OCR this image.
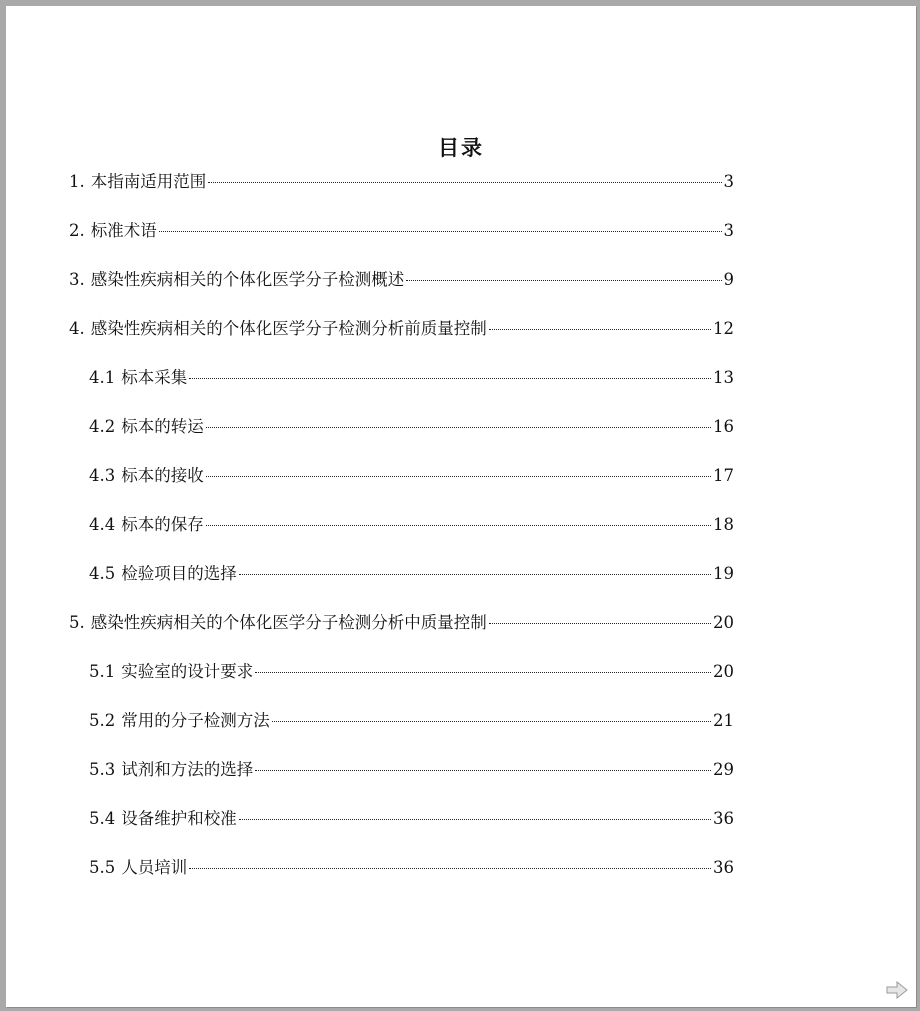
目录
1. 本指南适用范围	3
2. 标准术语	3
3. 感染性疾病相关的个体化医学分子检测概述	9
4. 感染性疾病相关的个体化医学分子检测分析前质量控制	12
4.1 标本采集	13
4.2 标本的转运	16
4.3 标本的接收	17
4.4 标本的保存	18
4.5 检验项目的选择	19
5. 感染性疾病相关的个体化医学分子检测分析中质量控制	20
5.1 实验室的设计要求	20
5.2 常用的分子检测方法	21
5.3 试剂和方法的选择	29
5.4 设备维护和校准	36
5.5 人员培训	36
